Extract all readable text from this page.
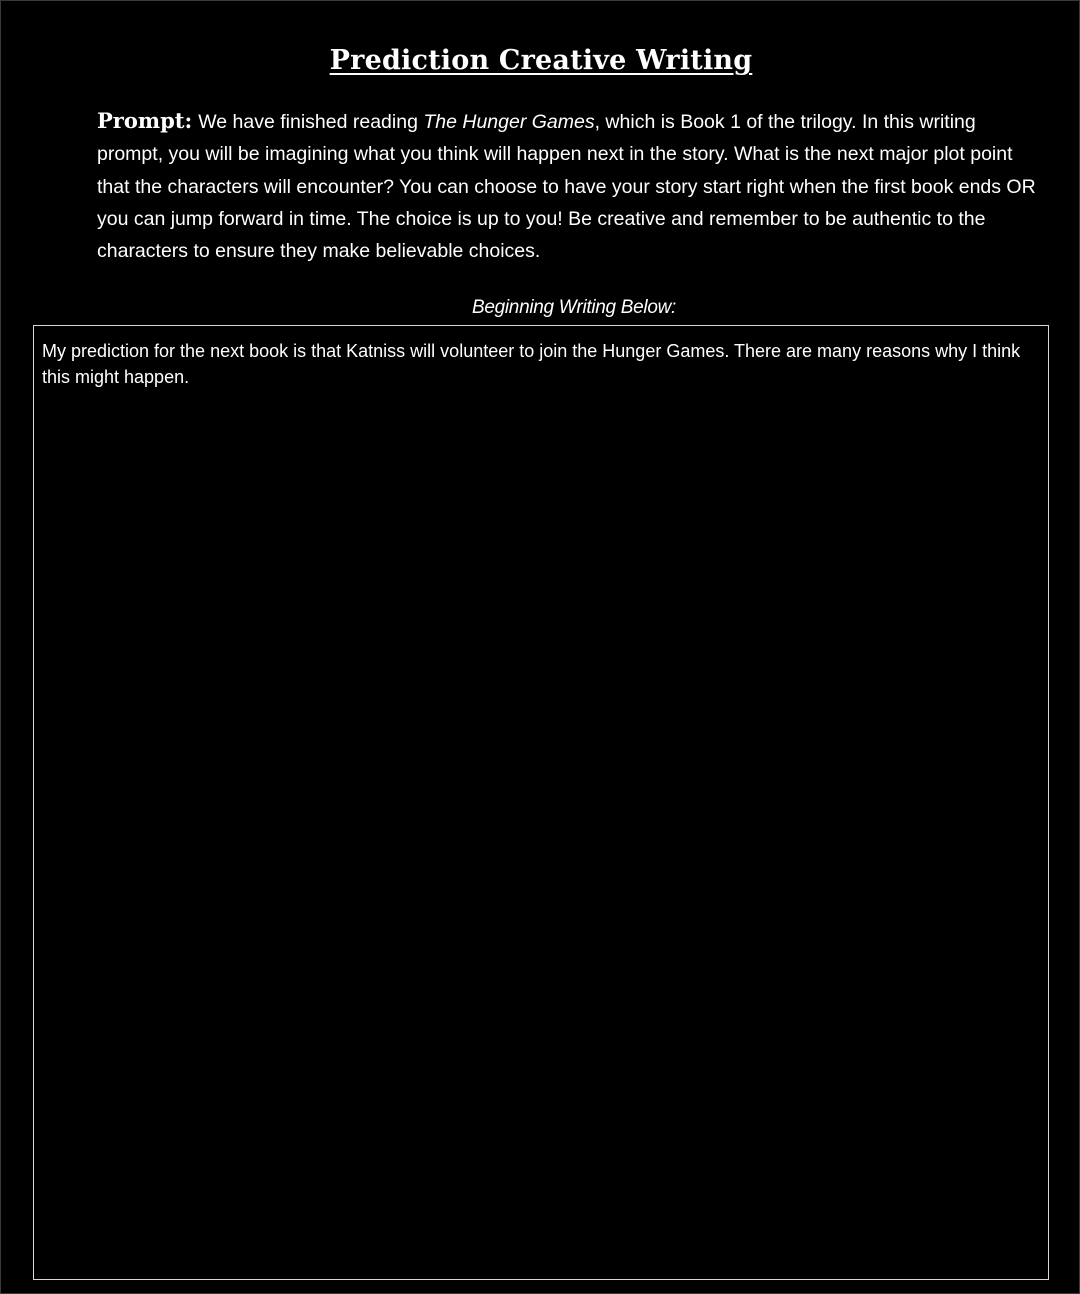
Prediction Creative Writing
Prompt: We have finished reading The Hunger Games, which is Book 1 of the trilogy. In this writing prompt, you will be imagining what you think will happen next in the story. What is the next major plot point that the characters will encounter? You can choose to have your story start right when the first book ends OR you can jump forward in time. The choice is up to you! Be creative and remember to be authentic to the characters to ensure they make believable choices.
Beginning Writing Below:
My prediction for the next book is that Katniss will volunteer to join the Hunger Games. There are many reasons why I think this might happen.
